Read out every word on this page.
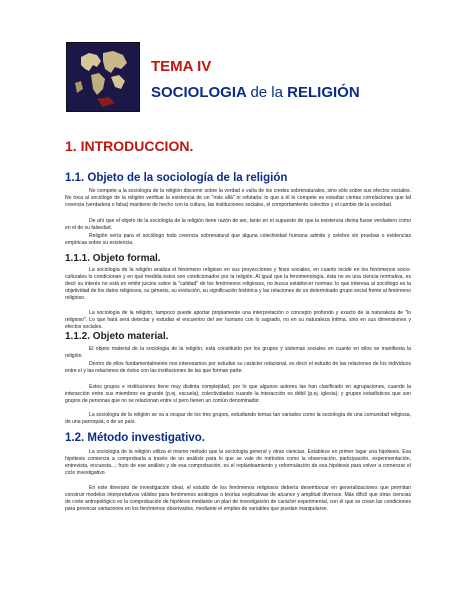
TEMA IV
SOCIOLOGIA de la RELIGIÓN
1. INTRODUCCION.
1.1. Objeto de la sociología de la religión
No compete a la sociología de la religión discernir sobre la verdad o valía de los credos sobrenaturales, sino sólo sobre sus efectos sociales. No toca al sociólogo de la religión verificar la existencia de un "más allá" ni refutarla: lo que a él le compete es estudiar ciertas correlaciones que tal creencia (verdadera o falsa) mantiene de hecho con la cultura, las instituciones sociales, el comportamiento colectivo y el cambio de la sociedad.
De ahí que el objeto de la sociología de la religión tiene razón de ser, tanto en el supuesto de que la existencia divina fuese verdadero como en el de su falsedad.
Religión sería para el sociólogo todo creencia sobrenatural que alguna colectividad humana admite y celebre sin pruebas o evidencias empíricas sobre su existencia.
1.1.1. Objeto formal.
La sociología de la religión analiza el fenómeno religioso en sus proyecciones y fines sociales, en cuanto incide en los fenómenos socio-culturales lo condicionan y en qué medida éstos son condicionados por la religión. Al igual que la fenomenología, ésta no es una ciencia normativa, es decir su interés no está en emitir juicios sobre la "calidad" de los fenómenos religiosos, no busca establecer normas: lo que interesa al sociólogo es la objetividad de los datos religiosos, su génesis, su evolución, su significación histórica y las relaciones de un determinado grupo social frente al fenómeno religioso.
La sociología de la religión, tampoco puede aportar propiamente una interpretación o concepto profundo y exacto de la naturaleza de "lo religioso". Lo que hará será detectar y estudiar el encuentro del ser humano con lo sagrado, no en su naturaleza íntima, sino en sus dimensiones y efectos sociales.
1.1.2. Objeto material.
El objeto material de la sociología de la religión, está constituido por los grupos y sistemas sociales en cuanto en ellos se manifiesta la religión.
Dentro de ellos fundamentalmente nos interesamos por estudiar su carácter relacional, es decir el estudio de las relaciones de los individuos entre sí y las relaciones de éstos con las instituciones de las que forman parte.
Estos grupos e instituciones tiene muy distinta complejidad, por lo que algunos autores las han clasificado en agrupaciones, cuando la interacción entre sus miembros es grande (p.ej. escuela); colectividades cuando la interacción es débil (p.ej. iglesia); y grupos estadísticos que son grupos de personas que no se relacionan entre sí pero tienen un común denominador.
La sociología de la religión se va a ocupar de los tres grupos, estudiando temas tan variados como la sociología de una comunidad religiosa, de una parroquia, o de un país.
1.2. Método investigativo.
La sociología de la religión utiliza el mismo método que la sociología general y otras ciencias. Establece en primer lugar una hipótesis. Esa hipótesis comienza a comprobarla a través de un análisis para lo que se vale de métodos como la observación, participación, experimentación, entrevista, encuesta...; fruto de ese análisis y de esa comprobación, es el replanteamiento y reformulación de esa hipótesis para volver a comenzar el ciclo investigativo.
En este itinerario de investigación ideal, el estudio de los fenómenos religiosos debería desembocar en generalizaciones que permitan construir modelos interpretativos válidos para fenómenos análogos o teorías explicativas de alcance y amplitud diversos. Más difícil que otras ciencias de corte antropológico es la comprobación de hipótesis mediante un plan de investigación de carácter experimental, con el que se crean las condiciones para provocar variaciones en los fenómenos observados, mediante el empleo de variables que puedan manipularse.
